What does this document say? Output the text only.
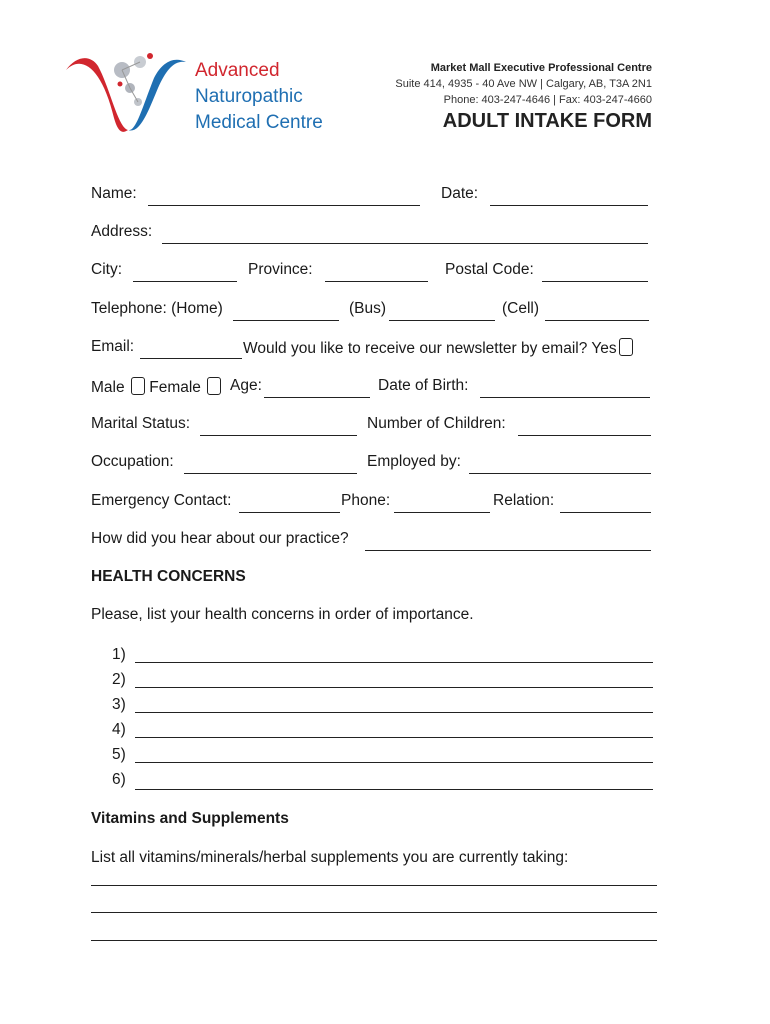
Advanced
Naturopathic
Medical Centre
Market Mall Executive Professional Centre
Suite 414, 4935 - 40 Ave NW | Calgary, AB, T3A 2N1
Phone: 403-247-4646 | Fax: 403-247-4660
ADULT INTAKE FORM
Name:	Date:
Address:
City:	Province:	Postal Code:
Telephone: (Home)	(Bus)	(Cell)
Email:	Would you like to receive our newsletter by email? Yes
Male Female	Age:	Date of Birth:
Marital Status:	Number of Children:
Occupation:	Employed by:
Emergency Contact:	Phone:	Relation:
How did you hear about our practice?
HEALTH CONCERNS
Please, list your health concerns in order of importance.
1)
2)
3)
4)
5)
6)
Vitamins and Supplements
List all vitamins/minerals/herbal supplements you are currently taking:
